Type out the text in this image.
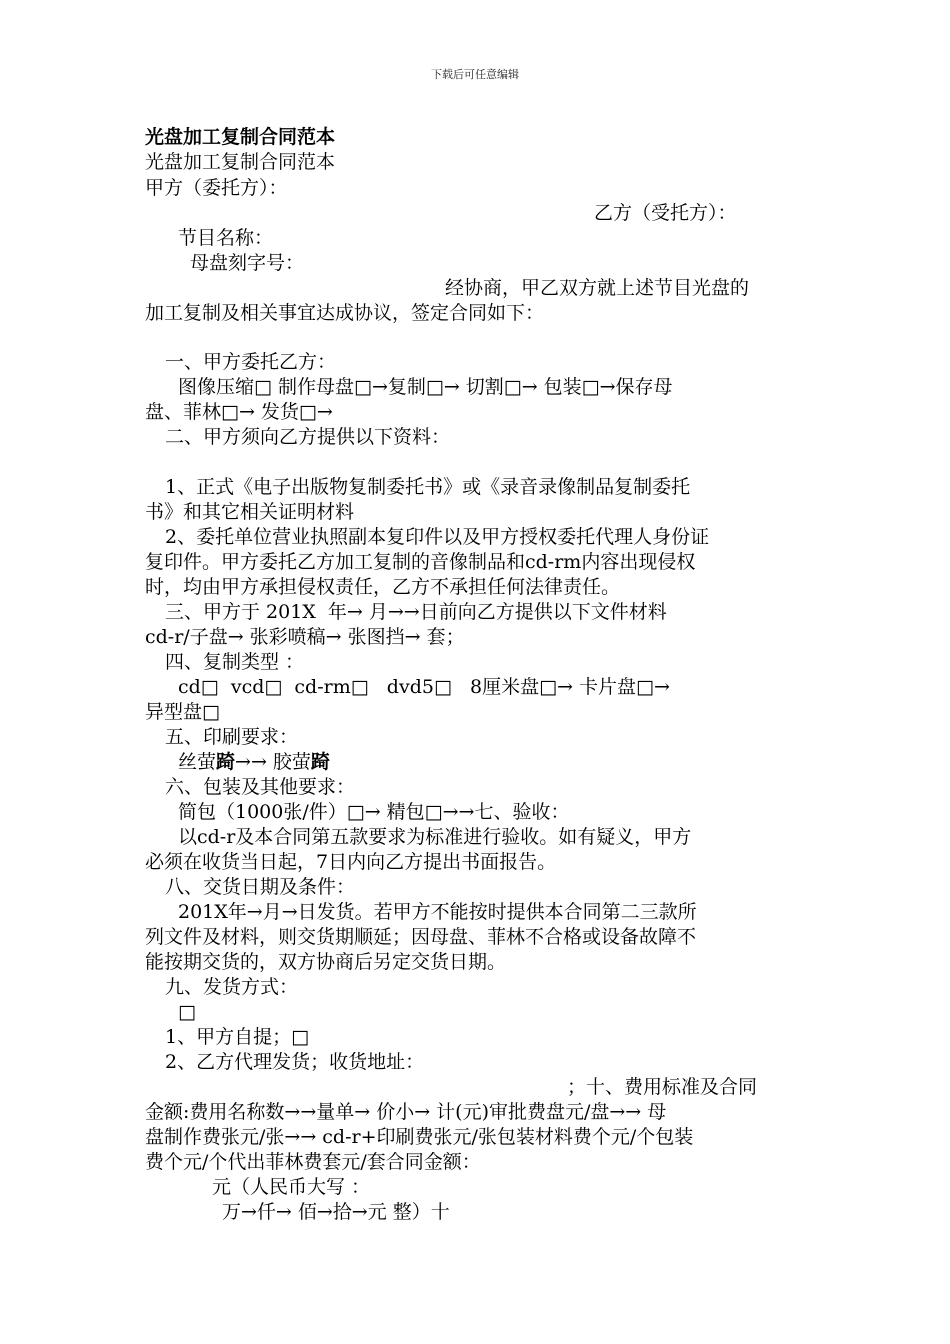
下载后可任意编辑
光盘加工复制合同范本
光盘加工复制合同范本
甲方（委托方）：
乙方（受托方）：
节目名称：
母盘刻字号：
经协商，甲乙双方就上述节目光盘的
加工复制及相关事宜达成协议，签定合同如下：
一、甲方委托乙方：
图像压缩□ 制作母盘□→复制□→ 切割□→ 包装□→保存母
盘、菲林□→ 发货□→
二、甲方须向乙方提供以下资料：
1、正式《电子出版物复制委托书》或《录音录像制品复制委托
书》和其它相关证明材料
2、委托单位营业执照副本复印件以及甲方授权委托代理人身份证
复印件。甲方委托乙方加工复制的音像制品和cd-rm内容出现侵权
时，均由甲方承担侵权责任，乙方不承担任何法律责任。
三、甲方于 201X  年→ 月→→日前向乙方提供以下文件材料
cd-r/子盘→ 张彩喷稿→ 张图挡→ 套；
四、复制类型 ：
cd□  vcd□  cd-rm□   dvd5□   8厘米盘□→ 卡片盘□→
异型盘□
五、印刷要求：
丝萤踦→→ 胶萤踦
六、包装及其他要求：
简包（1000张/件）□→ 精包□→→七、验收：
以cd-r及本合同第五款要求为标准进行验收。如有疑义，甲方
必须在收货当日起，7日内向乙方提出书面报告。
八、交货日期及条件：
201X年→月→日发货。若甲方不能按时提供本合同第二三款所
列文件及材料，则交货期顺延；因母盘、菲林不合格或设备故障不
能按期交货的，双方协商后另定交货日期。
九、发货方式：
□
1、甲方自提；□
2、乙方代理发货；收货地址：
；十、费用标准及合同
金额:费用名称数→→量单→ 价小→ 计(元)审批费盘元/盘→→ 母
盘制作费张元/张→→ cd-r+印刷费张元/张包装材料费个元/个包装
费个元/个代出菲林费套元/套合同金额：
元（人民币大写 ：
万→仟→ 佰→拾→元 整）十
